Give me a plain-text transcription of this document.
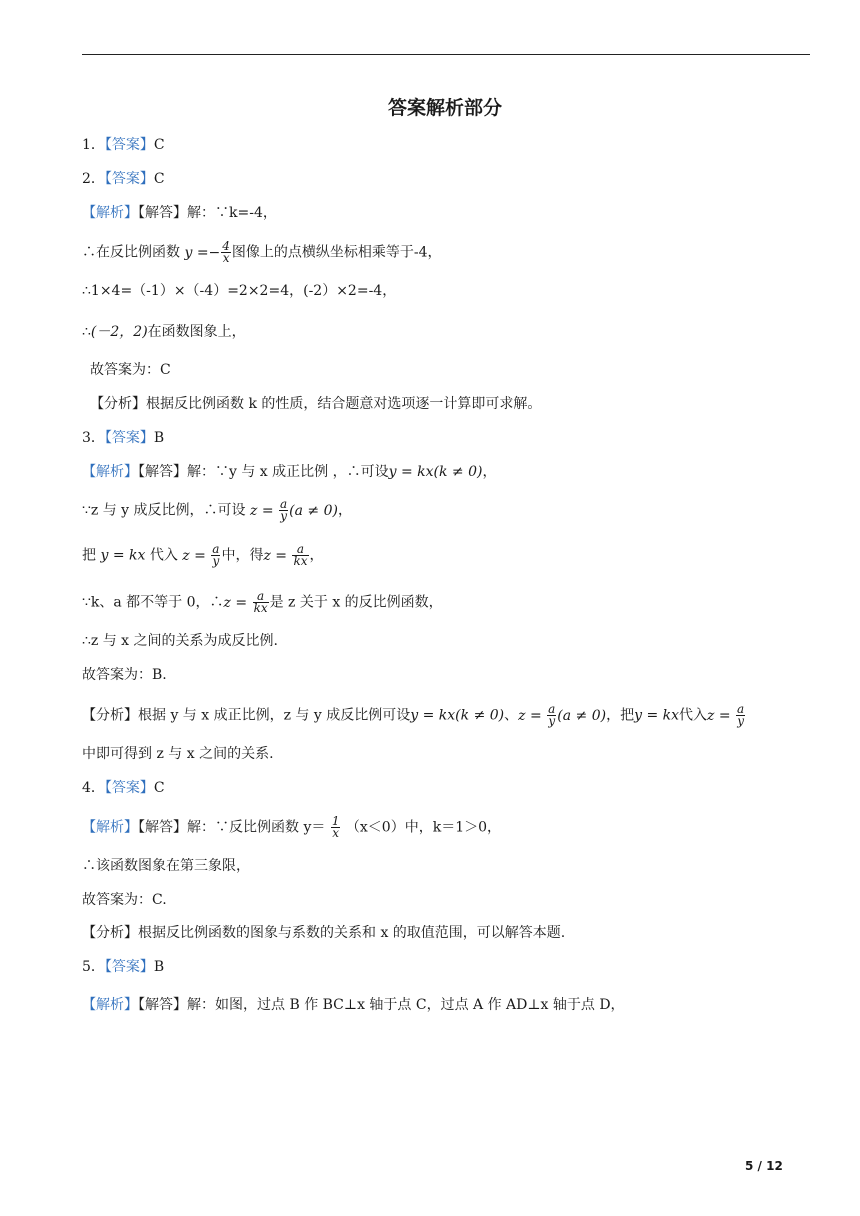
答案解析部分
1．【答案】C
2．【答案】C
【解析】【解答】解：∵k=-4，
∴在反比例函数 $y =- \frac{4}{x}$ 图像上的点横纵坐标相乘等于-4，
∴1×4=（-1）×（-4）=2×2=4，(-2）×2=-4，
∴(－2，2)在函数图象上，
故答案为：C
【分析】根据反比例函数 k 的性质，结合题意对选项逐一计算即可求解。
3．【答案】B
【解析】【解答】解：∵y 与 x 成正比例 ，∴可设y = kx(k ≠ 0)，
∵z 与 y 成反比例，∴可设 $z = \frac{a}{y} (a \ne 0)$，
把 y = kx 代入 $z = \frac{a}{y}$ 中，得$z = \frac{a}{kx}$ ，
∵k、a 都不等于 0，∴z = $\frac{a}{kx}$ 是 z 关于 x 的反比例函数，
∴z 与 x 之间的关系为成反比例.
故答案为：B.
【分析】根据 y 与 x 成正比例，z 与 y 成反比例可设y = kx(k ≠ 0)、$z = \frac{a}{y} (a \ne 0)$，把y = kx代入$z = \frac{a}{y}$
中即可得到 z 与 x 之间的关系.
4．【答案】C
【解析】【解答】解：∵反比例函数 $y= \frac{1}{x} (x<0)$中，k＝1＞0，
∴该函数图象在第三象限，
故答案为：C.
【分析】根据反比例函数的图象与系数的关系和 x 的取值范围，可以解答本题.
5．【答案】B
【解析】【解答】解：如图，过点 B 作 BC⊥x 轴于点 C，过点 A 作 AD⊥x 轴于点 D，
5 / 12
